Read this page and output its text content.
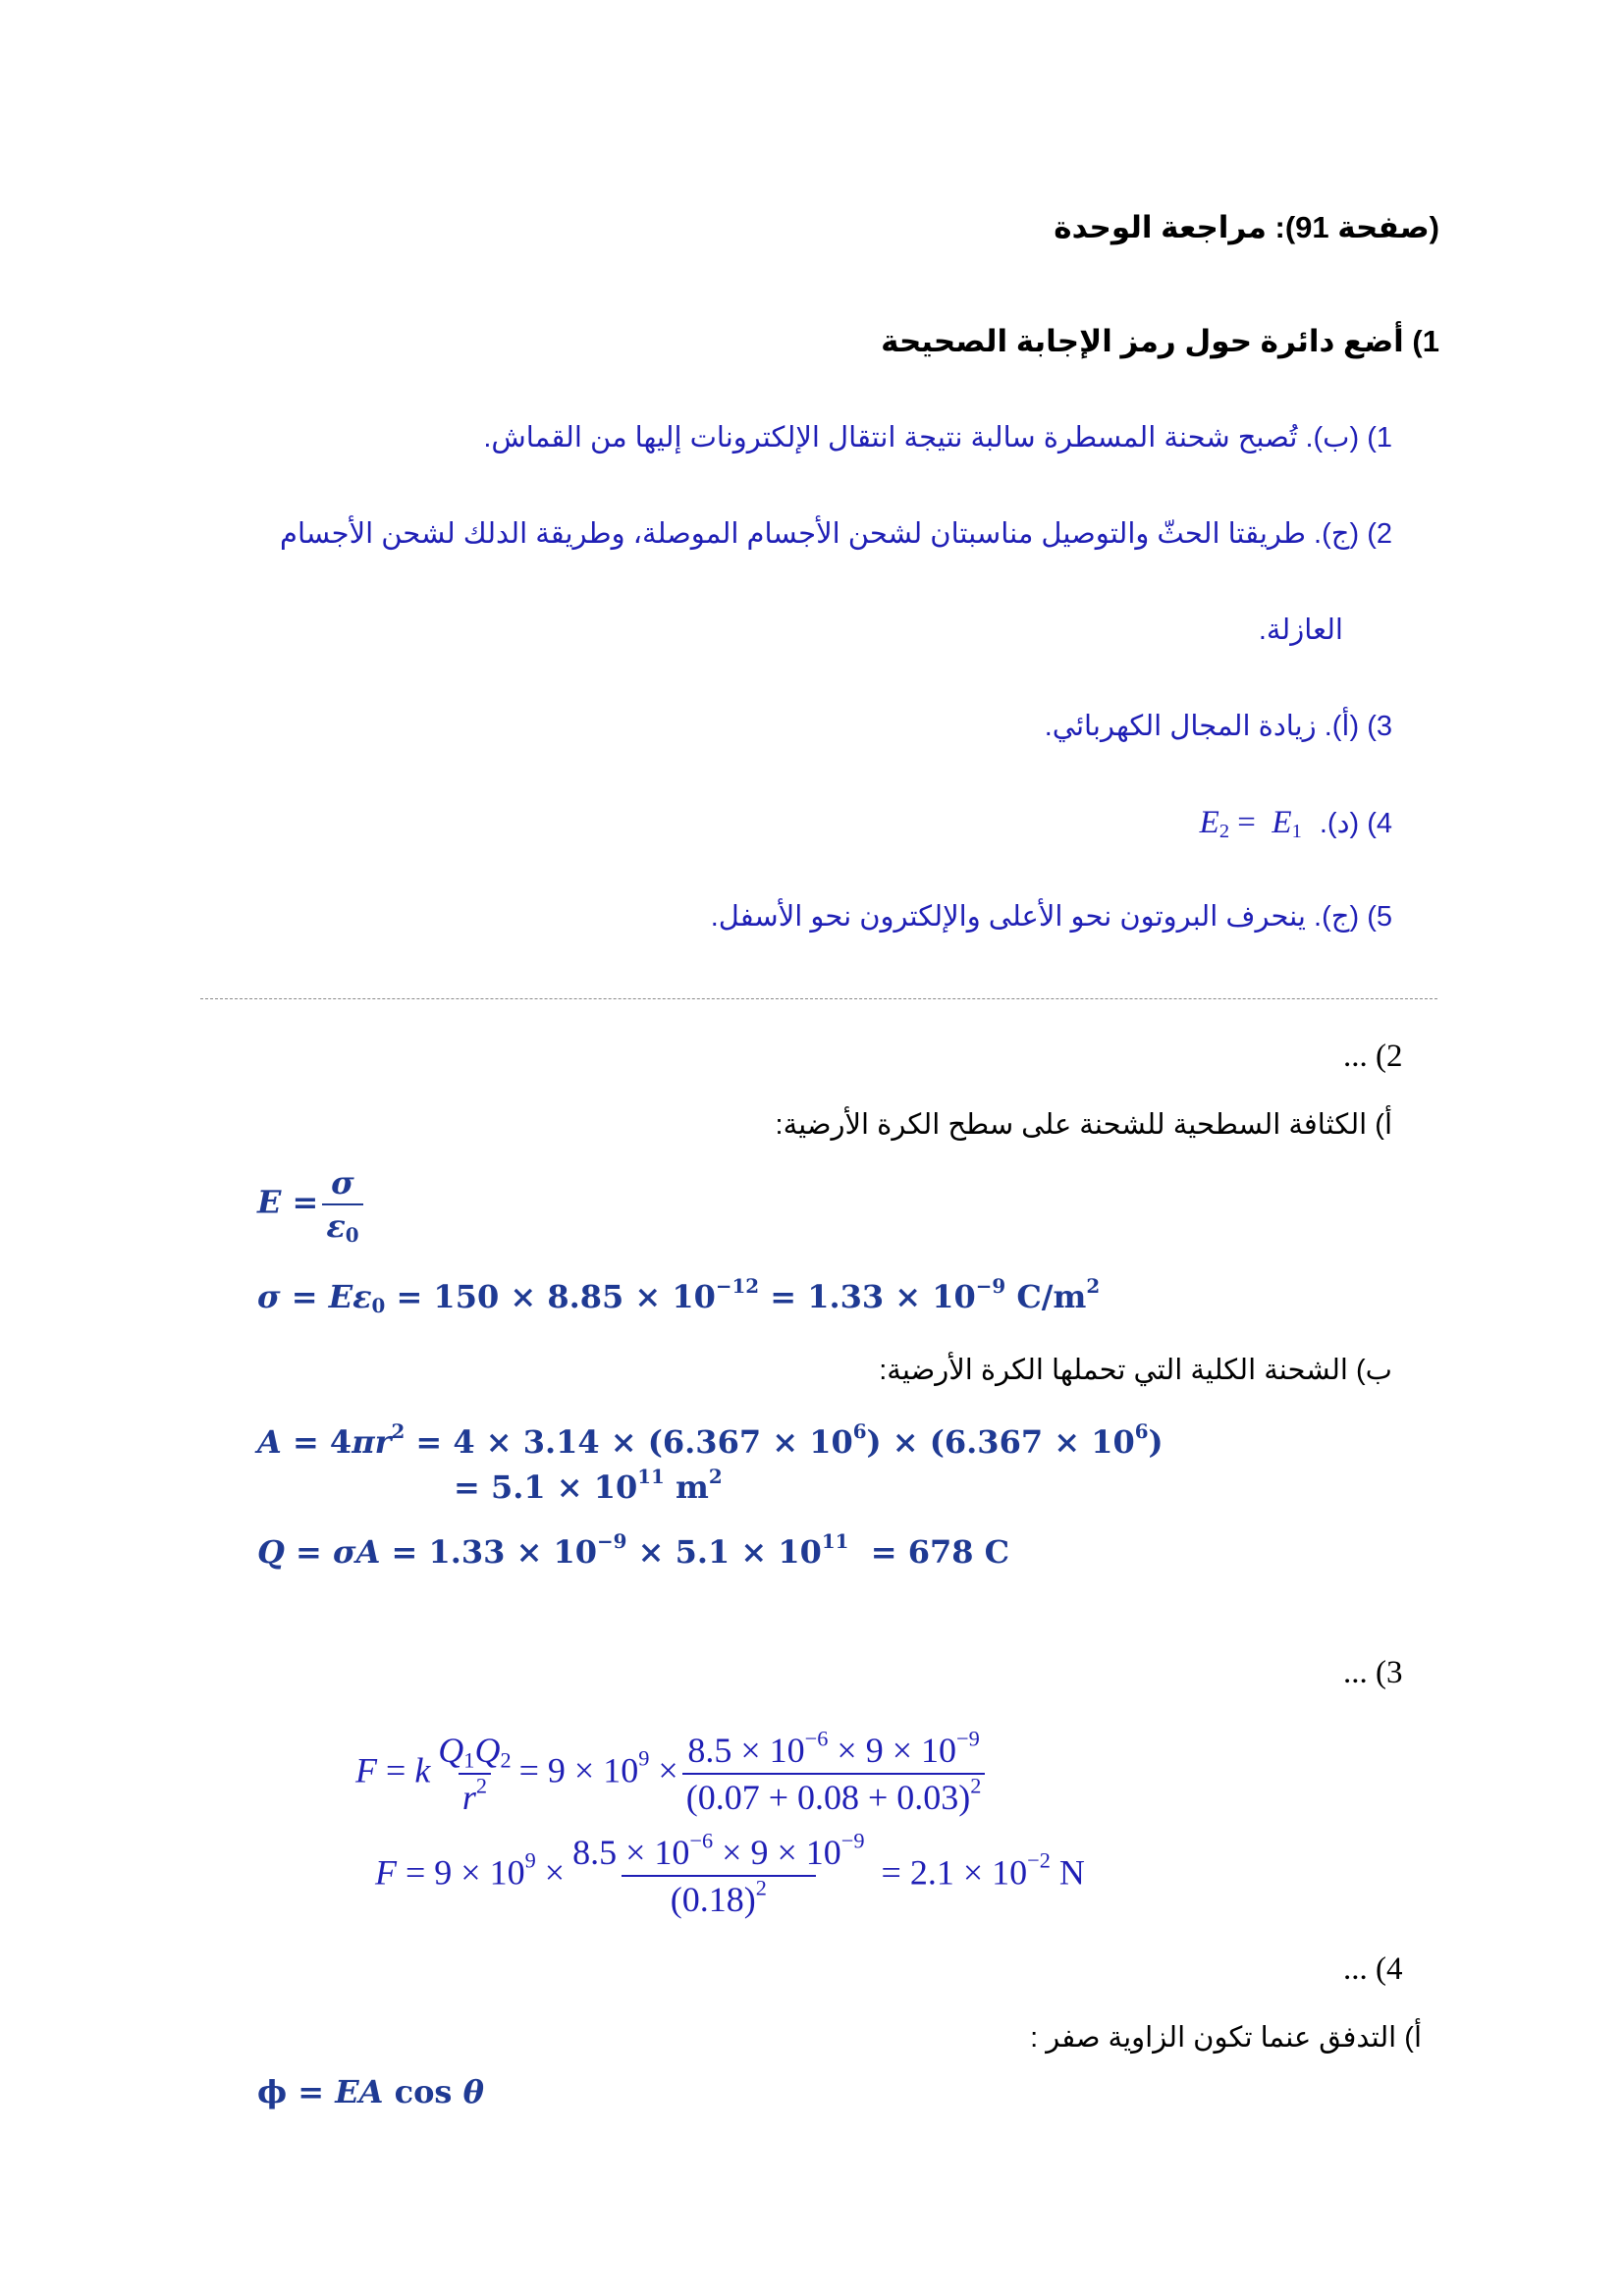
(صفحة 91): مراجعة الوحدة
1) أضع دائرة حول رمز الإجابة الصحيحة
1) (ب). تُصبح شحنة المسطرة سالبة نتيجة انتقال الإلكترونات إليها من القماش.
2) (ج). طريقتا الحثّ والتوصيل مناسبتان لشحن الأجسام الموصلة، وطريقة الدلك لشحن الأجسام
العازلة.
3) (أ). زيادة المجال الكهربائي.
4) (د). $E_2 = E_1$
5) (ج). ينحرف البروتون نحو الأعلى والإلكترون نحو الأسفل.
... (2
أ) الكثافة السطحية للشحنة على سطح الكرة الأرضية:
$E = \frac{\sigma}{\varepsilon_0}$
$\sigma = E\varepsilon_0 = 150 \times 8.85 \times 10^{-12} = 1.33 \times 10^{-9}$ $C/m^2$
ب) الشحنة الكلية التي تحملها الكرة الأرضية:
$A = 4\pi r^2 = 4 \times 3.14 \times (6.367 \times 10^6) \times (6.367 \times 10^6)$
= $5.1 \times 10^{11}$ $m^2$
$Q = \sigma A = 1.33 \times 10^{-9} \times 5.1 \times 10^{11} = 678$ C
... (3
F = k $\frac{Q_1Q_2}{r^2} = 9 \times 10^9 \times \frac{8.5 \times 10^{-6} \times 9 \times 10^{-9}}{(0.07 + 0.08 + 0.03)^2}$
$F = 9 \times 10^9 \times \frac{8.5 \times 10^{-6} \times 9 \times 10^{-9}}{(0.18)^2} = 2.1 \times 10^{-2}$ N
... (4
أ) التدفق عنما تكون الزاوية صفر :
ϕ = EA cos θ
